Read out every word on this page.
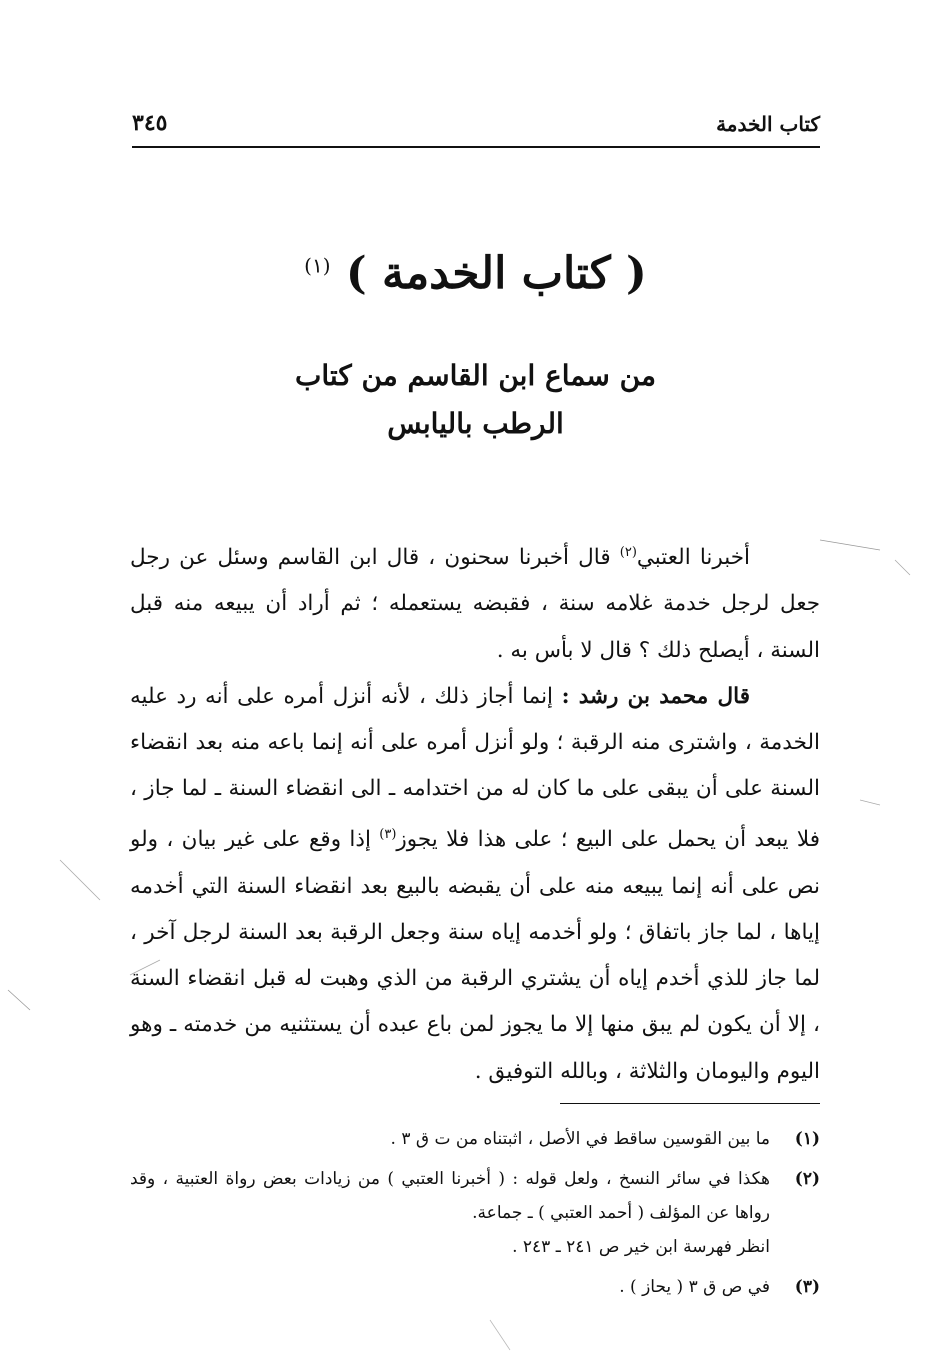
كتاب الخدمة
٣٤٥
( كتاب الخدمة ) $^{(١)}$
من سماع ابن القاسم من كتاب
الرطب باليابس

أخبرنا العتبي$^{(٢)}$ قال أخبرنا سحنون ، قال ابن القاسم وسئل عن رجل جعل لرجل خدمة غلامه سنة ، فقبضه يستعمله ؛ ثم أراد أن يبيعه منه قبل السنة ، أيصلح ذلك ؟ قال لا بأس به .

قال محمد بن رشد : إنما أجاز ذلك ، لأنه أنزل أمره على أنه رد عليه الخدمة ، واشترى منه الرقبة ؛ ولو أنزل أمره على أنه إنما باعه منه بعد انقضاء السنة على أن يبقى على ما كان له من اختدامه ـ الى انقضاء السنة ـ لما جاز ، فلا يبعد أن يحمل على البيع ؛ على هذا فلا يجوز$^{(٣)}$ إذا وقع على غير بيان ، ولو نص على أنه إنما يبيعه منه على أن يقبضه بالبيع بعد انقضاء السنة التي أخدمه إياها ، لما جاز باتفاق ؛ ولو أخدمه إياه سنة وجعل الرقبة بعد السنة لرجل آخر ، لما جاز للذي أخدم إياه أن يشتري الرقبة من الذي وهبت له قبل انقضاء السنة ، إلا أن يكون لم يبق منها إلا ما يجوز لمن باع عبده أن يستثنيه من خدمته ـ وهو اليوم واليومان والثلاثة ، وبالله التوفيق .

(١)
ما بين القوسين ساقط في الأصل ، اثبتناه من ت ق ٣ .
(٢)
هكذا في سائر النسخ ، ولعل قوله : ( أخبرنا العتبي ) من زيادات بعض رواة العتبية ، وقد رواها عن المؤلف ( أحمد العتبي ) ـ جماعة.
انظر فهرسة ابن خير ص ٢٤١ ـ ٢٤٣ .
(٣)
في ص ق ٣ ( يحاز ) .
